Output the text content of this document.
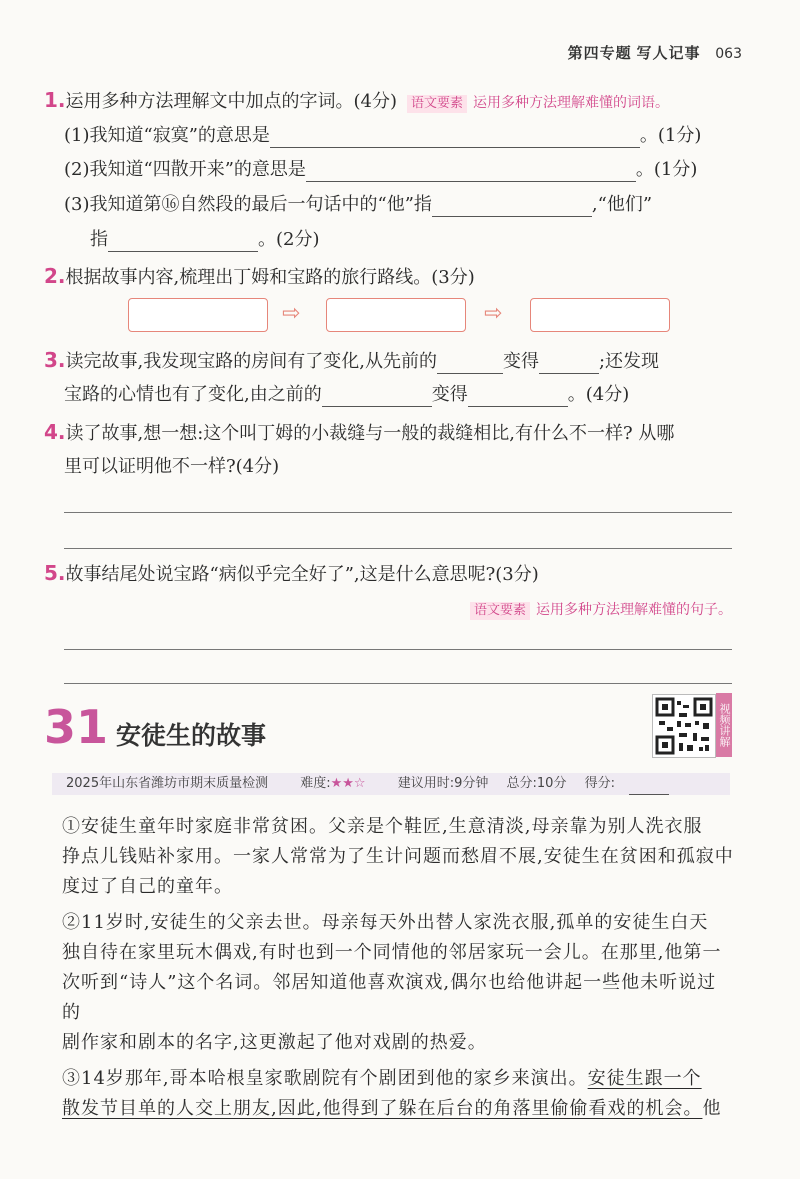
第四专题 写人记事 063
1.运用多种方法理解文中加点的字词。(4分) 语文要素 运用多种方法理解难懂的词语。
(1)我知道“寂寞”的意思是	。(1分)
(2)我知道“四散开来”的意思是	。(1分)
(3)我知道第⑯自然段的最后一句话中的“他”指	,“他们”
指	。(2分)
2.根据故事内容,梳理出丁姆和宝路的旅行路线。(3分)
⇨	⇨
3.读完故事,我发现宝路的房间有了变化,从先前的	变得	;还发现
宝路的心情也有了变化,由之前的	变得	。(4分)
4.读了故事,想一想:这个叫丁姆的小裁缝与一般的裁缝相比,有什么不一样? 从哪
里可以证明他不一样?(4分)
5.故事结尾处说宝路“病似乎完全好了”,这是什么意思呢?(3分)
语文要素 运用多种方法理解难懂的句子。
31 安徒生的故事	视频讲解
2025年山东省潍坊市期末质量检测 难度:★★☆ 建议用时:9分钟 总分:10分 得分:

①安徒生童年时家庭非常贫困。父亲是个鞋匠,生意清淡,母亲靠为别人洗衣服

挣点儿钱贴补家用。一家人常常为了生计问题而愁眉不展,安徒生在贫困和孤寂中

度过了自己的童年。

②11岁时,安徒生的父亲去世。母亲每天外出替人家洗衣服,孤单的安徒生白天

独自待在家里玩木偶戏,有时也到一个同情他的邻居家玩一会儿。在那里,他第一

次听到“诗人”这个名词。邻居知道他喜欢演戏,偶尔也给他讲起一些他未听说过的

剧作家和剧本的名字,这更激起了他对戏剧的热爱。

③14岁那年,哥本哈根皇家歌剧院有个剧团到他的家乡来演出。安徒生跟一个

散发节目单的人交上朋友,因此,他得到了躲在后台的角落里偷偷看戏的机会。他
